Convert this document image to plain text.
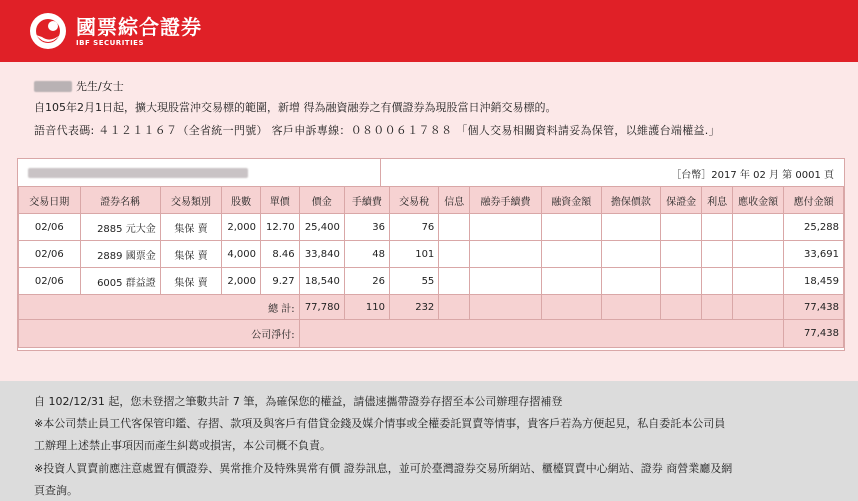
國票綜合證券
IBF SECURITIES
先生/女士
自105年2月1日起，擴大現股當沖交易標的範圍，新增 得為融資融券之有價證券為現股當日沖銷交易標的。
語音代表碼: ４１２１１６７（全省統一門號） 客戶申訴專線：０８００６１７８８ 「個人交易相關資料請妥為保管，以維護台端權益.」
［台幣］2017 年 02 月 第 0001 頁
交易日期	證券名稱	交易類別	股數	單價	價金	手續費	交易稅	信息	融券手續費	融資金額	擔保價款	保證金	利息	應收金額	應付金額
02/06	2885 元大金	集保 賣	2,000	12.70	25,400	36	76								25,288
02/06	2889 國票金	集保 賣	4,000	8.46	33,840	48	101								33,691
02/06	6005 群益證	集保 賣	2,000	9.27	18,540	26	55								18,459
總 計:					77,780	110	232								77,438
公司淨付:															77,438
自 102/12/31 起，您未登摺之筆數共計 7 筆，為確保您的權益，請儘速攜帶證券存摺至本公司辦理存摺補登
※本公司禁止員工代客保管印鑑、存摺、款項及與客戶有借貸金錢及媒介情事或全權委託買賣等情事，貴客戶若為方便起見，私自委託本公司員
工辦理上述禁止事項因而產生糾葛或損害，本公司概不負責。
※投資人買賣前應注意處置有價證券、異常推介及特殊異常有價 證券訊息，並可於臺灣證券交易所網站、櫃檯買賣中心網站、證券 商營業廳及網
頁查詢。
